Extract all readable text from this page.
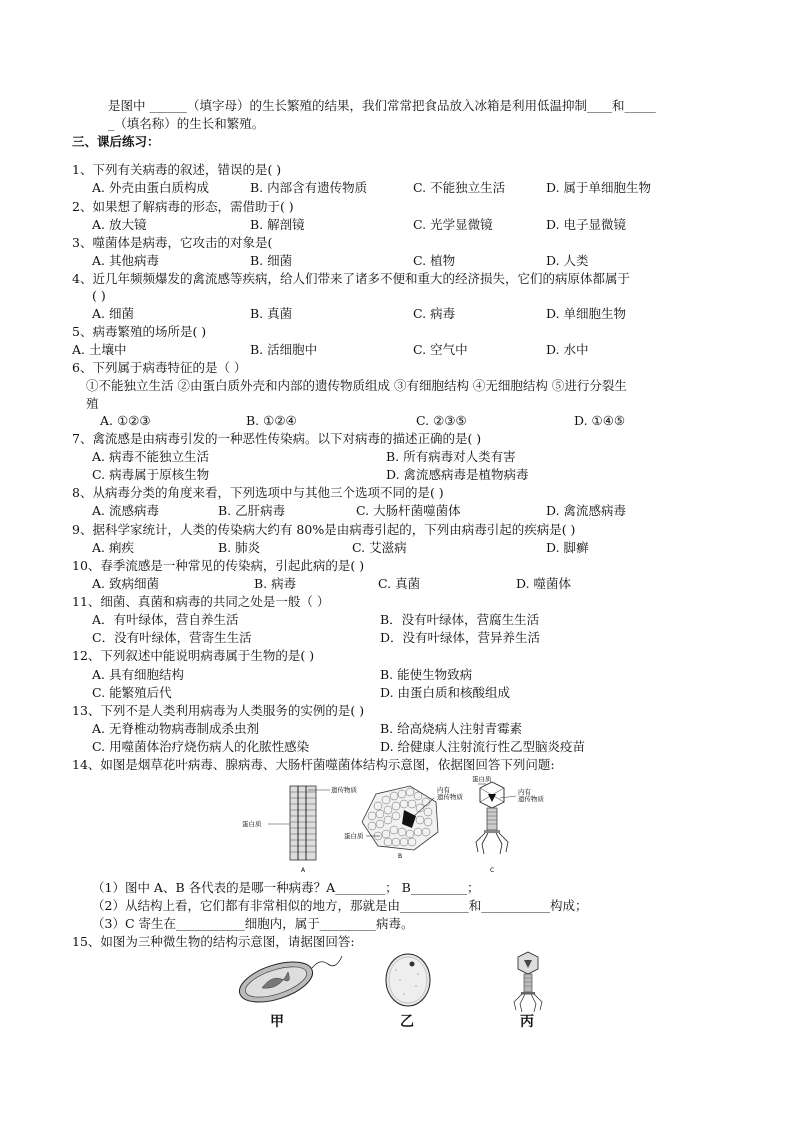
是图中 ______（填字母）的生长繁殖的结果，我们常常把食品放入冰箱是利用低温抑制____和_____
_（填名称）的生长和繁殖。
三、课后练习：
1、下列有关病毒的叙述，错误的是( )
A. 外壳由蛋白质构成	B. 内部含有遗传物质	C. 不能独立生活	D. 属于单细胞生物
2、如果想了解病毒的形态，需借助于( )
A. 放大镜	B. 解剖镜	C. 光学显微镜	D. 电子显微镜
3、噬菌体是病毒，它攻击的对象是(
A. 其他病毒	B. 细菌	C. 植物	D. 人类
4、近几年频频爆发的禽流感等疾病，给人们带来了诸多不便和重大的经济损失，它们的病原体都属于
( )
A. 细菌	B. 真菌	C. 病毒	D. 单细胞生物
5、病毒繁殖的场所是( )
A. 土壤中	B. 活细胞中	C. 空气中	D. 水中
6、下列属于病毒特征的是（ ）
①不能独立生活 ②由蛋白质外壳和内部的遗传物质组成 ③有细胞结构 ④无细胞结构 ⑤进行分裂生
殖
A. ①②③	B. ①②④	C. ②③⑤	D. ①④⑤
7、禽流感是由病毒引发的一种恶性传染病。以下对病毒的描述正确的是( )
A. 病毒不能独立生活	B. 所有病毒对人类有害
C. 病毒属于原核生物	D. 禽流感病毒是植物病毒
8、从病毒分类的角度来看，下列选项中与其他三个选项不同的是( )
A. 流感病毒	B. 乙肝病毒	C. 大肠杆菌噬菌体	D. 禽流感病毒
9、据科学家统计，人类的传染病大约有 80%是由病毒引起的，下列由病毒引起的疾病是( )
A. 痢疾	B. 肺炎	C. 艾滋病	D. 脚癣
10、春季流感是一种常见的传染病，引起此病的是( )
A. 致病细菌	B. 病毒	C. 真菌	D. 噬菌体
11、细菌、真菌和病毒的共同之处是一般（ ）
A．有叶绿体，营自养生活	B．没有叶绿体，营腐生生活
C．没有叶绿体，营寄生生活	D．没有叶绿体，营异养生活
12、下列叙述中能说明病毒属于生物的是( )
A. 具有细胞结构	B. 能使生物致病
C. 能繁殖后代	D. 由蛋白质和核酸组成
13、下列不是人类利用病毒为人类服务的实例的是( )
A. 无脊椎动物病毒制成杀虫剂	B. 给高烧病人注射青霉素
C. 用噬菌体治疗烧伤病人的化脓性感染	D. 给健康人注射流行性乙型脑炎疫苗
14、如图是烟草花叶病毒、腺病毒、大肠杆菌噬菌体结构示意图，依据图回答下列问题:
遗传物质
蛋白质
A
内有
遗传物质
蛋白质
B
蛋白质
内有
遗传物质
C
（1）图中 A、B 各代表的是哪一种病毒？A________； B_________；
（2）从结构上看，它们都有非常相似的地方，那就是由___________和___________构成；
（3）C 寄生在___________细胞内，属于_________病毒。
15、如图为三种微生物的结构示意图，请据图回答:
甲	乙	丙
